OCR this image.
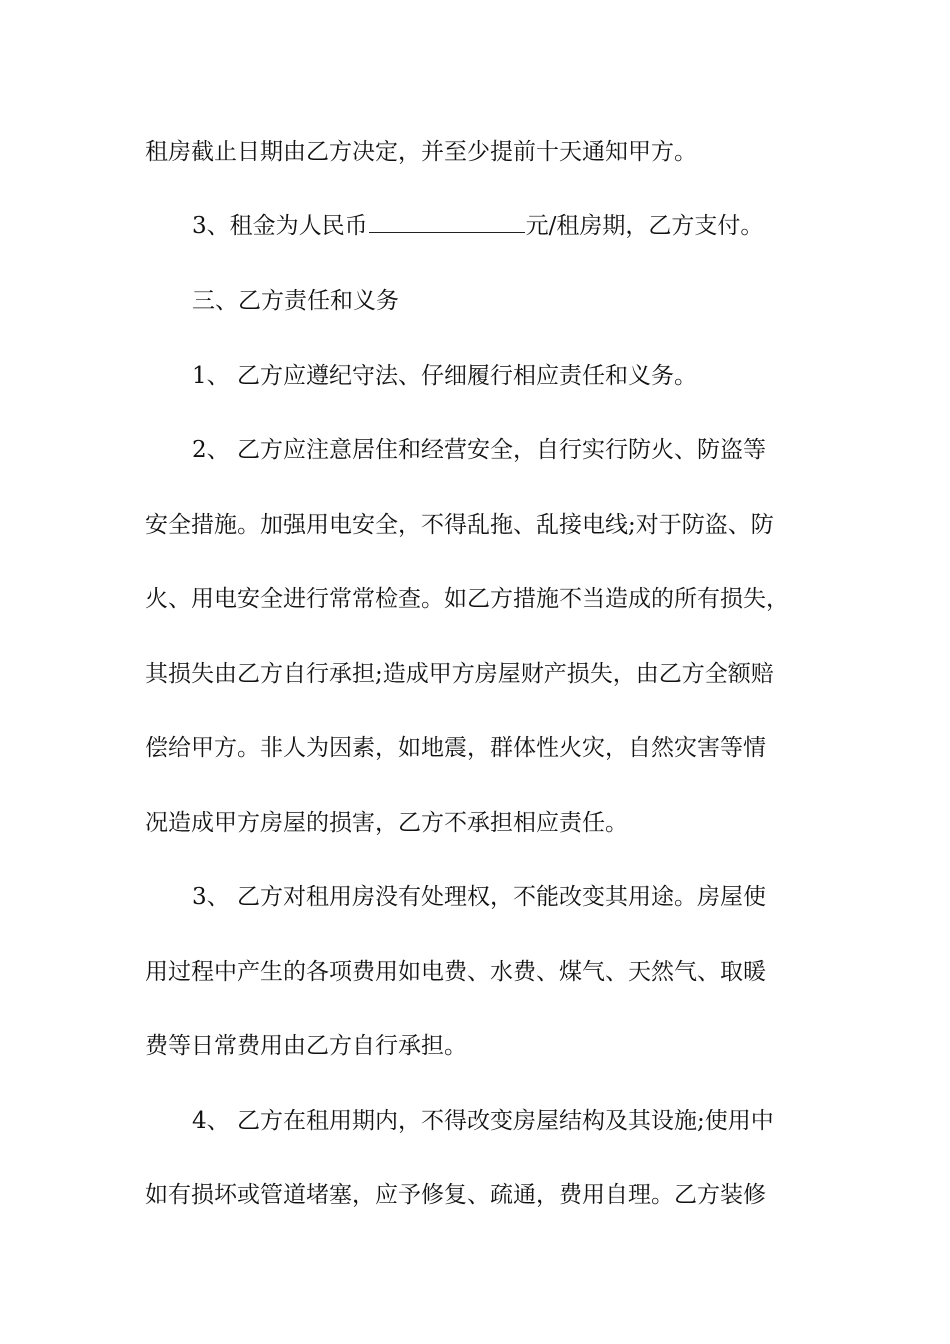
租房截止日期由乙方决定，并至少提前十天通知甲方。
3、租金为人民币	元/租房期，乙方支付。
三、乙方责任和义务
1、 乙方应遵纪守法、仔细履行相应责任和义务。
2、 乙方应注意居住和经营安全，自行实行防火、防盗等
安全措施。加强用电安全，不得乱拖、乱接电线;对于防盗、防
火、用电安全进行常常检查。如乙方措施不当造成的所有损失，
其损失由乙方自行承担;造成甲方房屋财产损失，由乙方全额赔
偿给甲方。非人为因素，如地震，群体性火灾，自然灾害等情
况造成甲方房屋的损害，乙方不承担相应责任。
3、 乙方对租用房没有处理权，不能改变其用途。房屋使
用过程中产生的各项费用如电费、水费、煤气、天然气、取暖
费等日常费用由乙方自行承担。
4、 乙方在租用期内，不得改变房屋结构及其设施;使用中
如有损坏或管道堵塞，应予修复、疏通，费用自理。乙方装修
